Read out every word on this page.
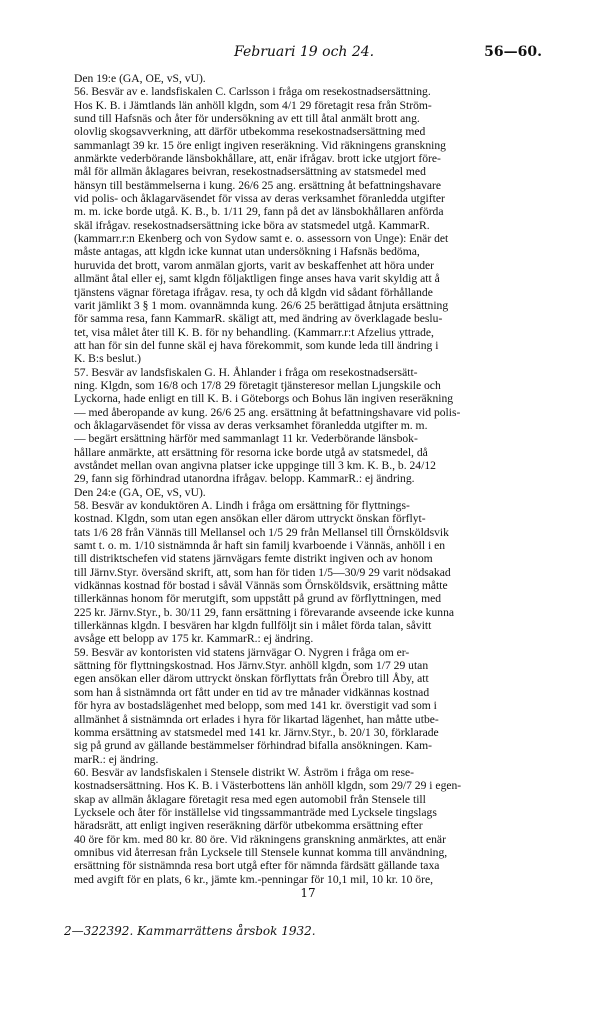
Februari 19 och 24.	56—60.
Den 19:e (GA, OE, vS, vU).
56. Besvär av e. landsfiskalen C. Carlsson i fråga om resekostnadsersättning.
Hos K. B. i Jämtlands län anhöll klgdn, som 4/1 29 företagit resa från Ström-
sund till Hafsnäs och åter för undersökning av ett till åtal anmält brott ang.
olovlig skogsavverkning, att därför utbekomma resekostnadsersättning med
sammanlagt 39 kr. 15 öre enligt ingiven reseräkning. Vid räkningens granskning
anmärkte vederbörande länsbokhållare, att, enär ifrågav. brott icke utgjort före-
mål för allmän åklagares beivran, resekostnadsersättning av statsmedel med
hänsyn till bestämmelserna i kung. 26/6 25 ang. ersättning åt befattningshavare
vid polis- och åklagarväsendet för vissa av deras verksamhet föranledda utgifter
m. m. icke borde utgå. K. B., b. 1/11 29, fann på det av länsbokhållaren anförda
skäl ifrågav. resekostnadsersättning icke böra av statsmedel utgå. KammarR.
(kammarr.r:n Ekenberg och von Sydow samt e. o. assessorn von Unge): Enär det
måste antagas, att klgdn icke kunnat utan undersökning i Hafsnäs bedöma,
huruvida det brott, varom anmälan gjorts, varit av beskaffenhet att höra under
allmänt åtal eller ej, samt klgdn följaktligen finge anses hava varit skyldig att å
tjänstens vägnar företaga ifrågav. resa, ty och då klgdn vid sådant förhållande
varit jämlikt 3 § 1 mom. ovannämnda kung. 26/6 25 berättigad åtnjuta ersättning
för samma resa, fann KammarR. skäligt att, med ändring av överklagade beslu-
tet, visa målet åter till K. B. för ny behandling. (Kammarr.r:t Afzelius yttrade,
att han för sin del funne skäl ej hava förekommit, som kunde leda till ändring i
K. B:s beslut.)
57. Besvär av landsfiskalen G. H. Åhlander i fråga om resekostnadsersätt-
ning. Klgdn, som 16/8 och 17/8 29 företagit tjänsteresor mellan Ljungskile och
Lyckorna, hade enligt en till K. B. i Göteborgs och Bohus län ingiven reseräkning
— med åberopande av kung. 26/6 25 ang. ersättning åt befattningshavare vid polis-
och åklagarväsendet för vissa av deras verksamhet föranledda utgifter m. m.
— begärt ersättning härför med sammanlagt 11 kr. Vederbörande länsbok-
hållare anmärkte, att ersättning för resorna icke borde utgå av statsmedel, då
avståndet mellan ovan angivna platser icke uppginge till 3 km. K. B., b. 24/12
29, fann sig förhindrad utanordna ifrågav. belopp. KammarR.: ej ändring.
Den 24:e (GA, OE, vS, vU).
58. Besvär av konduktören A. Lindh i fråga om ersättning för flyttnings-
kostnad. Klgdn, som utan egen ansökan eller därom uttryckt önskan förflyt-
tats 1/6 28 från Vännäs till Mellansel och 1/5 29 från Mellansel till Örnsköldsvik
samt t. o. m. 1/10 sistnämnda år haft sin familj kvarboende i Vännäs, anhöll i en
till distriktschefen vid statens järnvägars femte distrikt ingiven och av honom
till Järnv.Styr. översänd skrift, att, som han för tiden 1/5—30/9 29 varit nödsakad
vidkännas kostnad för bostad i såväl Vännäs som Örnsköldsvik, ersättning måtte
tillerkännas honom för merutgift, som uppstått på grund av förflyttningen, med
225 kr. Järnv.Styr., b. 30/11 29, fann ersättning i förevarande avseende icke kunna
tillerkännas klgdn. I besvären har klgdn fullföljt sin i målet förda talan, såvitt
avsåge ett belopp av 175 kr. KammarR.: ej ändring.
59. Besvär av kontoristen vid statens järnvägar O. Nygren i fråga om er-
sättning för flyttningskostnad. Hos Järnv.Styr. anhöll klgdn, som 1/7 29 utan
egen ansökan eller därom uttryckt önskan förflyttats från Örebro till Åby, att
som han å sistnämnda ort fått under en tid av tre månader vidkännas kostnad
för hyra av bostadslägenhet med belopp, som med 141 kr. överstigit vad som i
allmänhet å sistnämnda ort erlades i hyra för likartad lägenhet, han måtte utbe-
komma ersättning av statsmedel med 141 kr. Järnv.Styr., b. 20/1 30, förklarade
sig på grund av gällande bestämmelser förhindrad bifalla ansökningen. Kam-
marR.: ej ändring.
60. Besvär av landsfiskalen i Stensele distrikt W. Åström i fråga om rese-
kostnadsersättning. Hos K. B. i Västerbottens län anhöll klgdn, som 29/7 29 i egen-
skap av allmän åklagare företagit resa med egen automobil från Stensele till
Lycksele och åter för inställelse vid tingssammanträde med Lycksele tingslags
häradsrätt, att enligt ingiven reseräkning därför utbekomma ersättning efter
40 öre för km. med 80 kr. 80 öre. Vid räkningens granskning anmärktes, att enär
omnibus vid återresan från Lycksele till Stensele kunnat komma till användning,
ersättning för sistnämnda resa bort utgå efter för nämnda färdsätt gällande taxa
med avgift för en plats, 6 kr., jämte km.-penningar för 10,1 mil, 10 kr. 10 öre,
17
2—322392. Kammarrättens årsbok 1932.
